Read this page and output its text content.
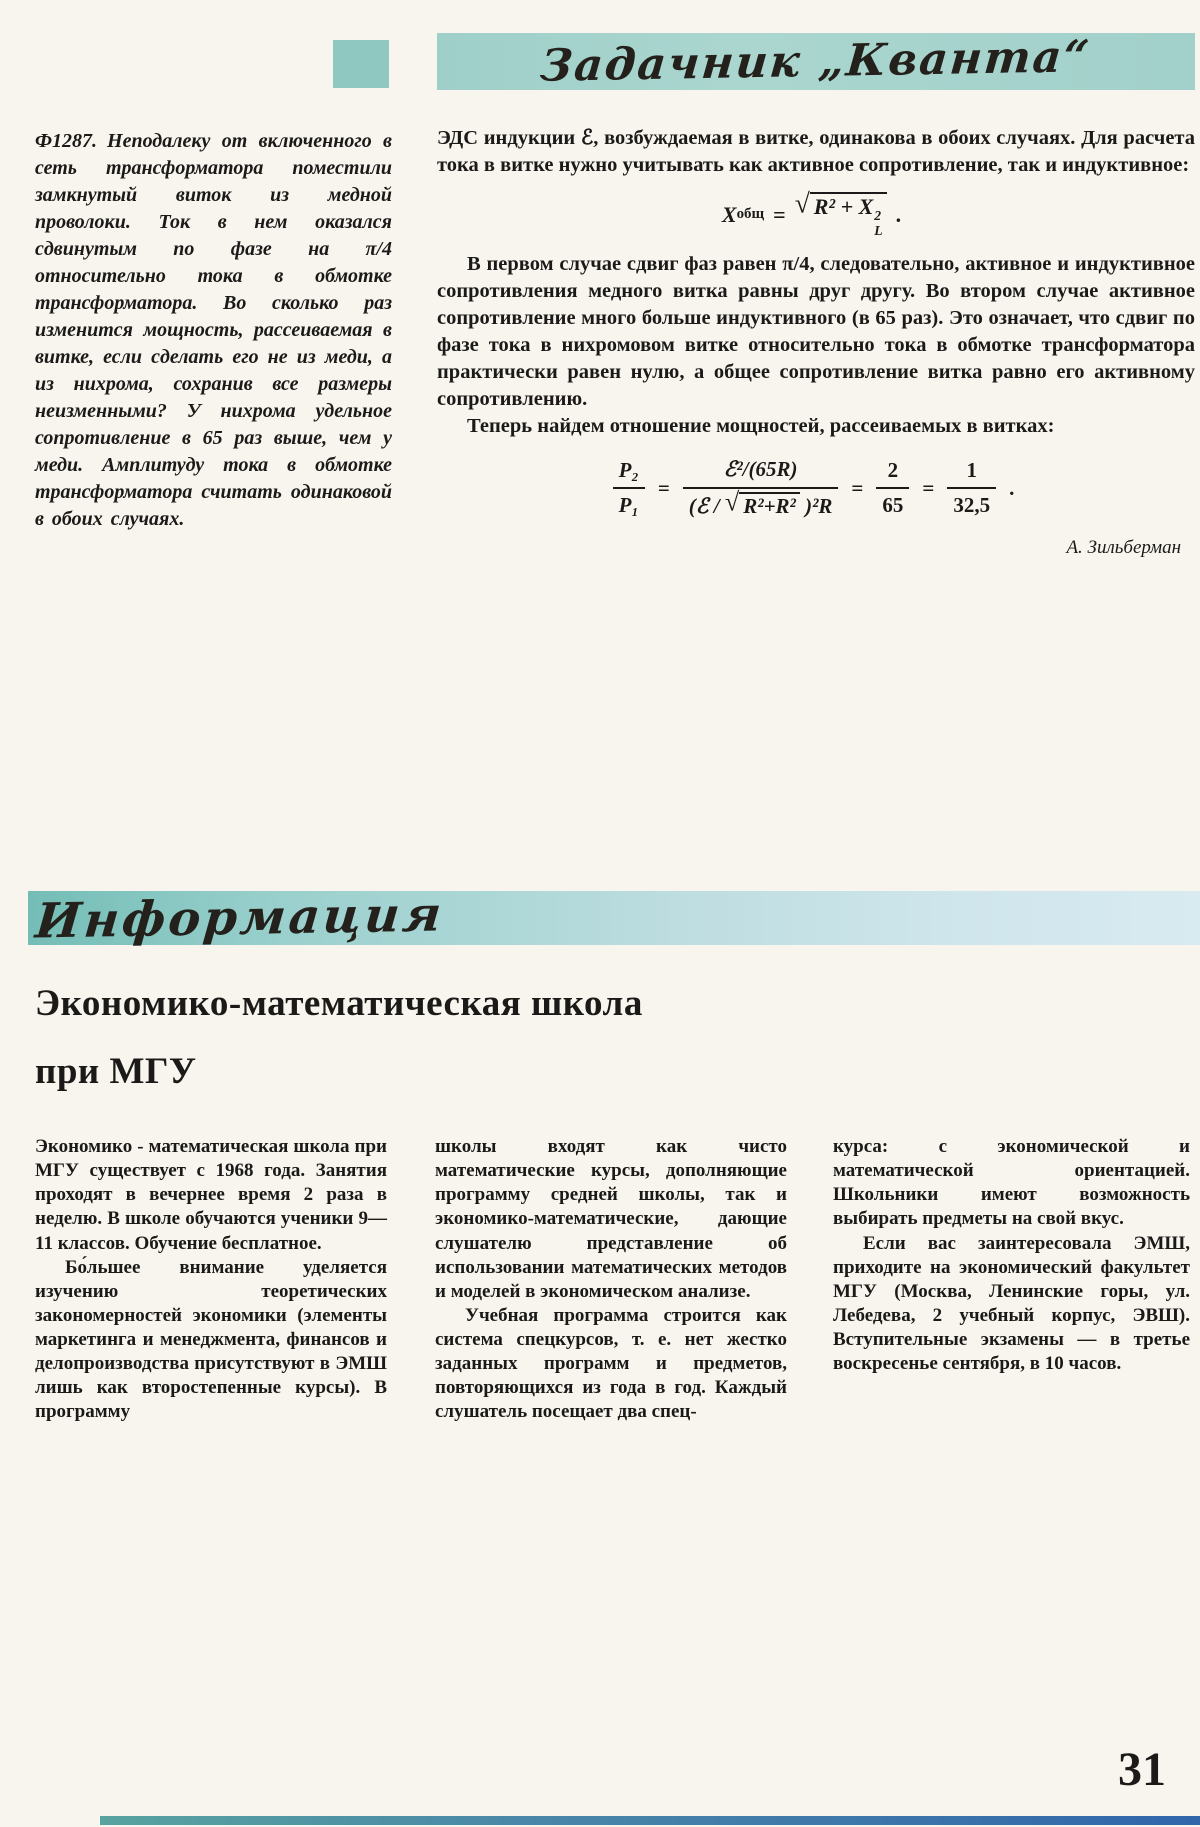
Задачник „Кванта“

Ф1287. Неподалеку от включенного в сеть трансформатора поместили замкнутый виток из медной проволоки. Ток в нем оказался сдвинутым по фазе на π/4 относительно тока в обмотке трансформатора. Во сколько раз изменится мощность, рассеиваемая в витке, если сделать его не из меди, а из нихрома, сохранив все размеры неизменными? У нихрома удельное сопротивление в 65 раз выше, чем у меди. Амплитуду тока в обмотке трансформатора считать одинаковой в обоих случаях.

ЭДС индукции ℰ, возбуждаемая в витке, одинакова в обоих случаях. Для расчета тока в витке нужно учитывать как активное сопротивление, так и индуктивное:

X общ = √ R² + X 2
L
.

В первом случае сдвиг фаз равен π/4, следовательно, активное и индуктивное сопротивления медного витка равны друг другу. Во втором случае активное сопротивление много больше индуктивного (в 65 раз). Это означает, что сдвиг по фазе тока в нихромовом витке относительно тока в обмотке трансформатора практически равен нулю, а общее сопротивление витка равно его активному сопротивлению.

Теперь найдем отношение мощностей, рассеиваемых в витках:

$\frac{\text{P₂}}{\text{P₁}} = \frac{\text{ℰ²/(65R)}}{\text{(ℰ / √ R²+R² )²R}} = \frac{2}{65} = \frac{1}{32,5}$ .
А. Зильберман
Информация
Экономико-математическая школа
при МГУ

Экономико - математическая школа при МГУ существует с 1968 года. Занятия проходят в вечернее время 2 раза в неделю. В школе обучаются ученики 9—11 классов. Обучение бесплатное.

Бо́льшее внимание уделяется изучению теоретических закономерностей экономики (элементы маркетинга и менеджмента, финансов и делопроизводства присутствуют в ЭМШ лишь как второстепенные курсы). В программу

школы входят как чисто математические курсы, дополняющие программу средней школы, так и экономико-математические, дающие слушателю представление об использовании математических методов и моделей в экономическом анализе.

Учебная программа строится как система спецкурсов, т. е. нет жестко заданных программ и предметов, повторяющихся из года в год. Каждый слушатель посещает два спец-

курса: с экономической и математической ориентацией. Школьники имеют возможность выбирать предметы на свой вкус.

Если вас заинтересовала ЭМШ, приходите на экономический факультет МГУ (Москва, Ленинские горы, ул. Лебедева, 2 учебный корпус, ЭВШ). Вступительные экзамены — в третье воскресенье сентября, в 10 часов.

31
